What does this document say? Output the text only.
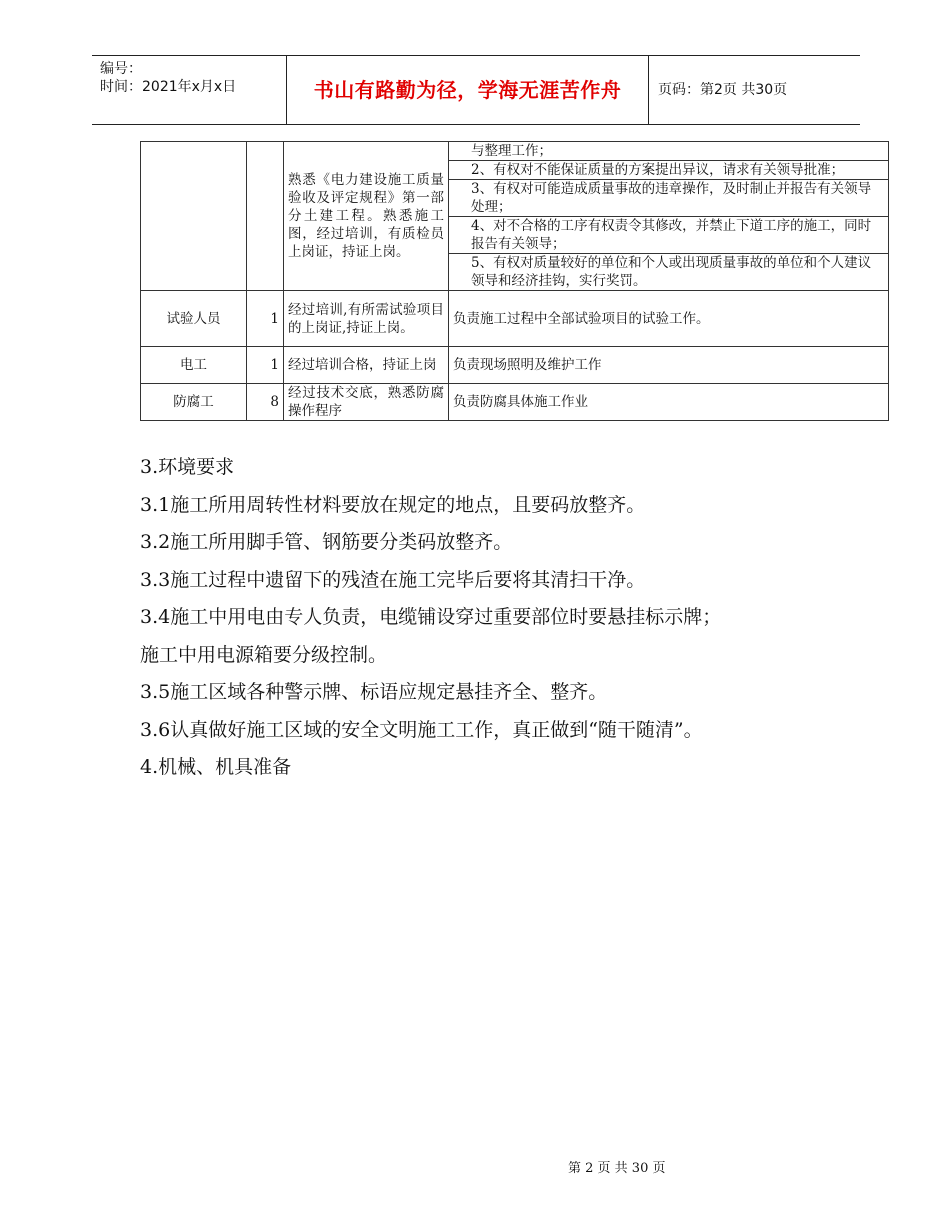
编号：
时间：2021年x月x日	书山有路勤为径，学海无涯苦作舟	页码：第2页 共30页
		熟悉《电力建设施工质量验收及评定规程》第一部分土建工程。熟悉施工图，经过培训，有质检员上岗证，持证上岗。	与整理工作；
2、有权对不能保证质量的方案提出异议，请求有关领导批准；
3、有权对可能造成质量事故的违章操作，及时制止并报告有关领导处理；
4、对不合格的工序有权责令其修改，并禁止下道工序的施工，同时报告有关领导；
5、有权对质量较好的单位和个人或出现质量事故的单位和个人建议领导和经济挂钩，实行奖罚。

试验人员	1	经过培训,有所需试验项目的上岗证,持证上岗。	负责施工过程中全部试验项目的试验工作。
电工	1	经过培训合格，持证上岗	负责现场照明及维护工作
防腐工	8	经过技术交底，熟悉防腐操作程序	负责防腐具体施工作业

3.环境要求

3.1施工所用周转性材料要放在规定的地点，且要码放整齐。

3.2施工所用脚手管、钢筋要分类码放整齐。

3.3施工过程中遗留下的残渣在施工完毕后要将其清扫干净。

3.4施工中用电由专人负责，电缆铺设穿过重要部位时要悬挂标示牌；

施工中用电源箱要分级控制。

3.5施工区域各种警示牌、标语应规定悬挂齐全、整齐。

3.6认真做好施工区域的安全文明施工工作，真正做到“随干随清”。

4.机械、机具准备

第 2 页 共 30 页
